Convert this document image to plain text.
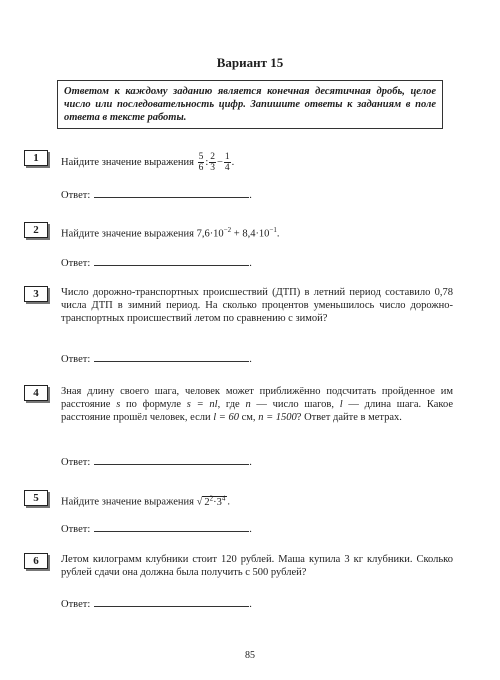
Вариант 15
Ответом к каждому заданию является конечная десятичная дробь, целое число или последовательность цифр. Запишите ответы к заданиям в поле ответа в тексте работы.
1	Найдите значение выражения $\frac{5}{6}$ : $\frac{2}{3} - \frac{1}{4}$ .
Ответ:	.
2	Найдите значение выражения $7,6\cdot 10^{-2} + 8,4\cdot 10^{-1}$.
Ответ:	.
3	Число дорожно-транспортных происшествий (ДТП) в летний период составило 0,78 числа ДТП в зимний период. На сколько процентов уменьшилось число дорожно-транспортных происшествий летом по сравнению с зимой?
Ответ:	.
4	Зная длину своего шага, человек может приближённо подсчитать пройденное им расстояние s по формуле s = nl, где n — число шагов, l — длина шага. Какое расстояние прошёл человек, если l = 60 см, n = 1500? Ответ дайте в метрах.
Ответ:	.
5	Найдите значение выражения √ $2^2\cdot 3^4$ .
Ответ:	.
6	Летом килограмм клубники стоит 120 рублей. Маша купила 3 кг клубники. Сколько рублей сдачи она должна была получить с 500 рублей?
Ответ:	.
85
